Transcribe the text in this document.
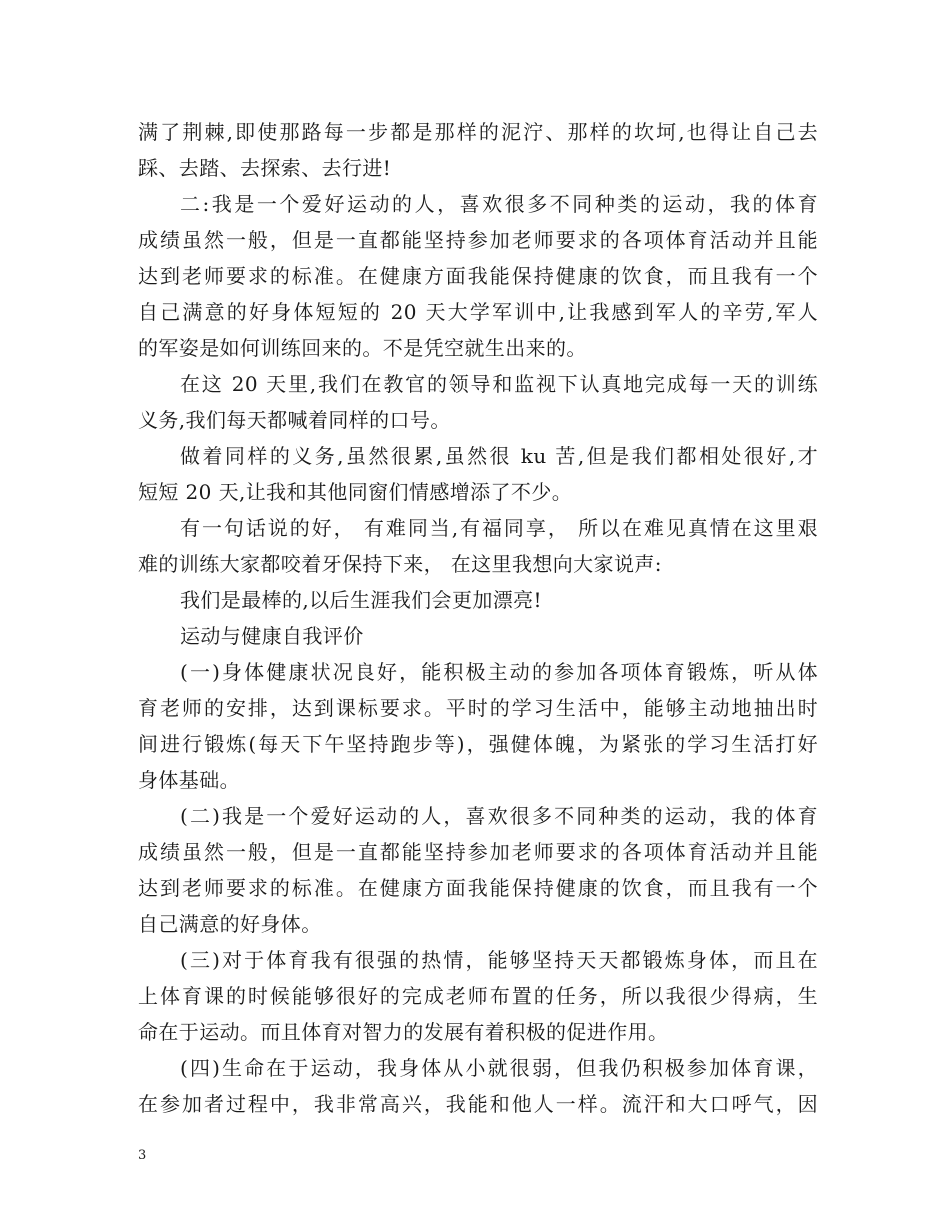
满了荆棘,即使那路每一步都是那样的泥泞、那样的坎坷,也得让自己去
踩、去踏、去探索、去行进!
二:我是一个爱好运动的人，喜欢很多不同种类的运动，我的体育
成绩虽然一般，但是一直都能坚持参加老师要求的各项体育活动并且能
达到老师要求的标准。在健康方面我能保持健康的饮食，而且我有一个
自己满意的好身体短短的 20 天大学军训中,让我感到军人的辛劳,军人
的军姿是如何训练回来的。不是凭空就生出来的。
在这 20 天里,我们在教官的领导和监视下认真地完成每一天的训练
义务,我们每天都喊着同样的口号。
做着同样的义务,虽然很累,虽然很 ku 苦,但是我们都相处很好,才
短短 20 天,让我和其他同窗们情感增添了不少。
有一句话说的好， 有难同当,有福同享， 所以在难见真情在这里艰
难的训练大家都咬着牙保持下来， 在这里我想向大家说声:
我们是最棒的,以后生涯我们会更加漂亮!
运动与健康自我评价
(一)身体健康状况良好，能积极主动的参加各项体育锻炼，听从体
育老师的安排，达到课标要求。平时的学习生活中，能够主动地抽出时
间进行锻炼(每天下午坚持跑步等)，强健体魄，为紧张的学习生活打好
身体基础。
(二)我是一个爱好运动的人，喜欢很多不同种类的运动，我的体育
成绩虽然一般，但是一直都能坚持参加老师要求的各项体育活动并且能
达到老师要求的标准。在健康方面我能保持健康的饮食，而且我有一个
自己满意的好身体。
(三)对于体育我有很强的热情，能够坚持天天都锻炼身体，而且在
上体育课的时候能够很好的完成老师布置的任务，所以我很少得病，生
命在于运动。而且体育对智力的发展有着积极的促进作用。
(四)生命在于运动，我身体从小就很弱，但我仍积极参加体育课，
在参加者过程中，我非常高兴，我能和他人一样。流汗和大口呼气，因
3
